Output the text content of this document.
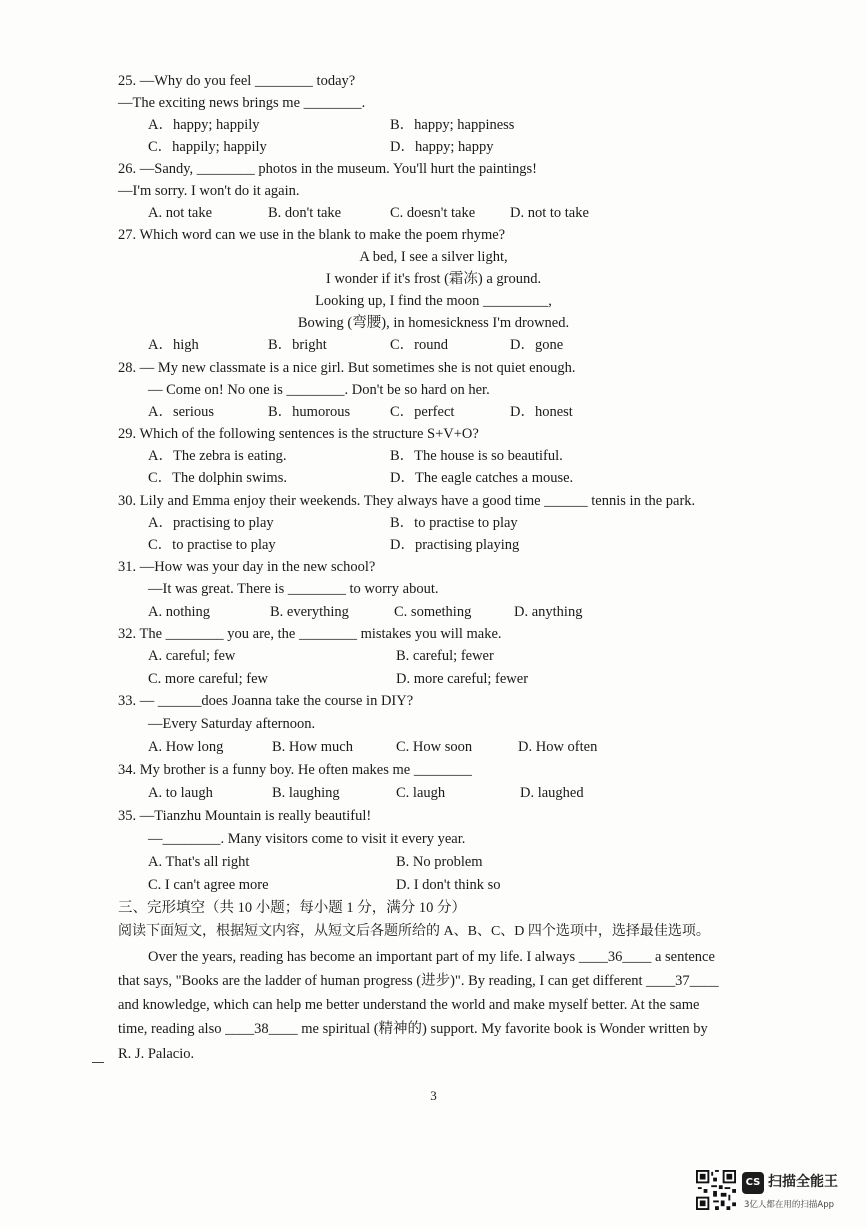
25. —Why do you feel ________ today?
—The exciting news brings me ________.
A．happy; happily	B．happy; happiness
C．happily; happily	D．happy; happy
26. —Sandy, ________ photos in the museum. You'll hurt the paintings!
—I'm sorry. I won't do it again.
A. not take	B. don't take	C. doesn't take D. not to take
27. Which word can we use in the blank to make the poem rhyme?
A bed, I see a silver light,
I wonder if it's frost (霜冻) a ground.
Looking up, I find the moon _________,
Bowing (弯腰), in homesickness I'm drowned.
A．high	B．bright	C．round	D．gone
28. — My new classmate is a nice girl. But sometimes she is not quiet enough.
— Come on! No one is ________. Don't be so hard on her.
A．serious	B．humorous	C．perfect	D．honest
29. Which of the following sentences is the structure S+V+O?
A．The zebra is eating.	B．The house is so beautiful.
C．The dolphin swims.	D．The eagle catches a mouse.
30. Lily and Emma enjoy their weekends. They always have a good time ______ tennis in the park.
A．practising to play	B．to practise to play
C．to practise to play	D．practising playing
31. —How was your day in the new school?
—It was great. There is ________ to worry about.
A. nothing	B. everything	C. something	D. anything
32. The ________ you are, the ________ mistakes you will make.
A. careful; few	B. careful; fewer
C. more careful; few	D. more careful; fewer
33. — ______does Joanna take the course in DIY?
—Every Saturday afternoon.
A. How long	B. How much	C. How soon	D. How often
34. My brother is a funny boy. He often makes me ________
A. to laugh	B. laughing	C. laugh	D. laughed
35. —Tianzhu Mountain is really beautiful!
—________. Many visitors come to visit it every year.
A. That's all right	B. No problem
C. I can't agree more	D. I don't think so
三、完形填空（共 10 小题；每小题 1 分，满分 10 分）
阅读下面短文，根据短文内容，从短文后各题所给的 A、B、C、D 四个选项中，选择最佳选项。
Over the years, reading has become an important part of my life. I always ____36____ a sentence
that says, "Books are the ladder of human progress (进步)". By reading, I can get different ____37____
and knowledge, which can help me better understand the world and make myself better. At the same
time, reading also ____38____ me spiritual (精神的) support. My favorite book is Wonder written by
R. J. Palacio.
3
CS 扫描全能王
3亿人都在用的扫描App
